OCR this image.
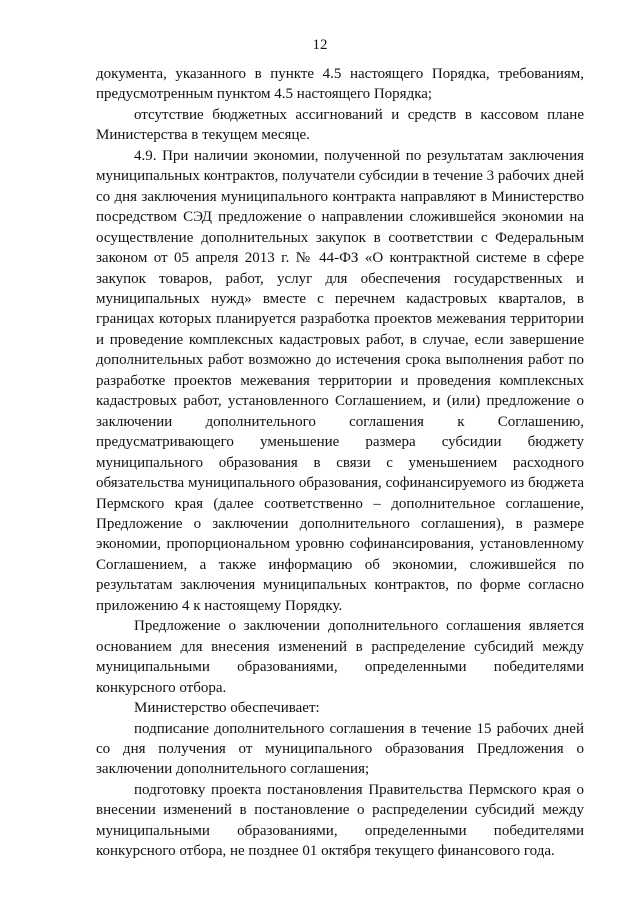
12

документа, указанного в пункте 4.5 настоящего Порядка, требованиям, предусмотренным пунктом 4.5 настоящего Порядка;

отсутствие бюджетных ассигнований и средств в кассовом плане Министерства в текущем месяце.

4.9. При наличии экономии, полученной по результатам заключения муниципальных контрактов, получатели субсидии в течение 3 рабочих дней со дня заключения муниципального контракта направляют в Министерство посредством СЭД предложение о направлении сложившейся экономии на осуществление дополнительных закупок в соответствии с Федеральным законом от 05 апреля 2013 г. № 44-ФЗ «О контрактной системе в сфере закупок товаров, работ, услуг для обеспечения государственных и муниципальных нужд» вместе с перечнем кадастровых кварталов, в границах которых планируется разработка проектов межевания территории и проведение комплексных кадастровых работ, в случае, если завершение дополнительных работ возможно до истечения срока выполнения работ по разработке проектов межевания территории и проведения комплексных кадастровых работ, установленного Соглашением, и (или) предложение о заключении дополнительного соглашения к Соглашению, предусматривающего уменьшение размера субсидии бюджету муниципального образования в связи с уменьшением расходного обязательства муниципального образования, софинансируемого из бюджета Пермского края (далее соответственно – дополнительное соглашение, Предложение о заключении дополнительного соглашения), в размере экономии, пропорциональном уровню софинансирования, установленному Соглашением, а также информацию об экономии, сложившейся по результатам заключения муниципальных контрактов, по форме согласно приложению 4 к настоящему Порядку.

Предложение о заключении дополнительного соглашения является основанием для внесения изменений в распределение субсидий между муниципальными образованиями, определенными победителями конкурсного отбора.

Министерство обеспечивает:

подписание дополнительного соглашения в течение 15 рабочих дней со дня получения от муниципального образования Предложения о заключении дополнительного соглашения;

подготовку проекта постановления Правительства Пермского края о внесении изменений в постановление о распределении субсидий между муниципальными образованиями, определенными победителями конкурсного отбора, не позднее 01 октября текущего финансового года.
